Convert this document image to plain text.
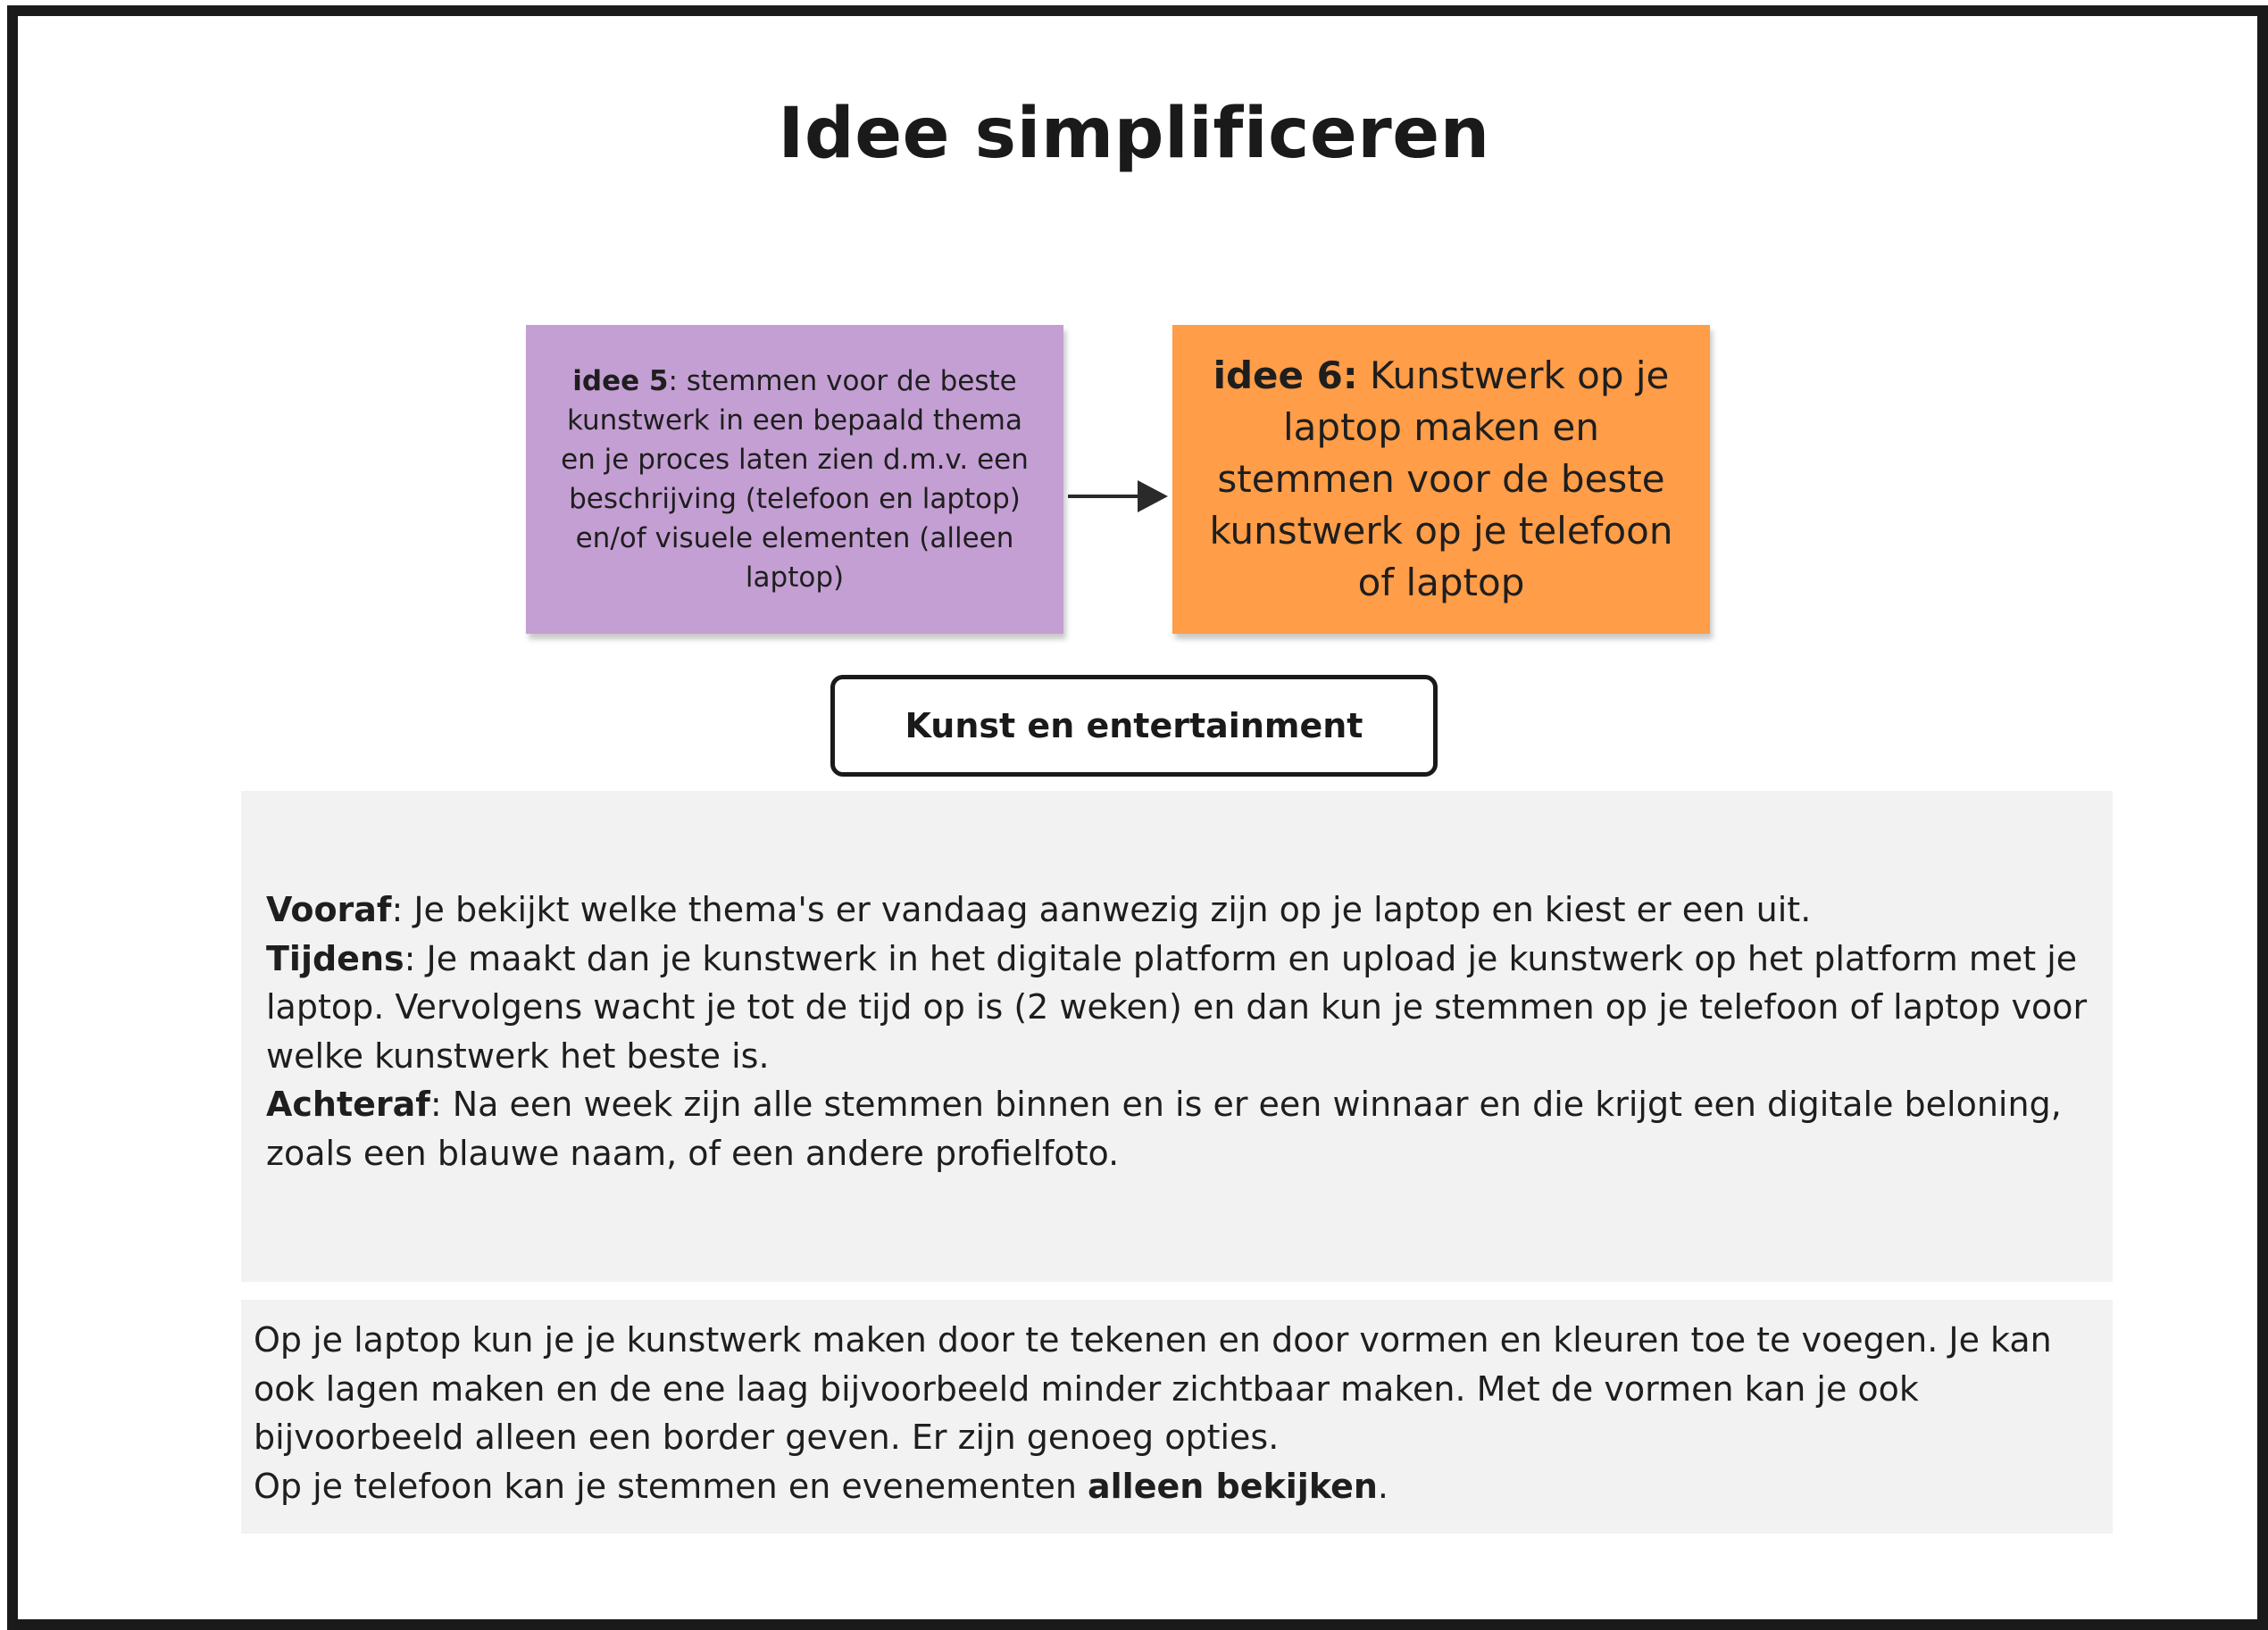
Idee simplificeren
idee 5: stemmen voor de beste kunstwerk in een bepaald thema en je proces laten zien d.m.v. een beschrijving (telefoon en laptop) en/of visuele elementen (alleen laptop)
idee 6: Kunstwerk op je laptop maken en stemmen voor de beste kunstwerk op je telefoon of laptop
Kunst en entertainment
Vooraf: Je bekijkt welke thema's er vandaag aanwezig zijn op je laptop en kiest er een uit.
Tijdens: Je maakt dan je kunstwerk in het digitale platform en upload je kunstwerk op het platform met je laptop. Vervolgens wacht je tot de tijd op is (2 weken) en dan kun je stemmen op je telefoon of laptop voor welke kunstwerk het beste is.
Achteraf: Na een week zijn alle stemmen binnen en is er een winnaar en die krijgt een digitale beloning, zoals een blauwe naam, of een andere profielfoto.
Op je laptop kun je je kunstwerk maken door te tekenen en door vormen en kleuren toe te voegen. Je kan ook lagen maken en de ene laag bijvoorbeeld minder zichtbaar maken. Met de vormen kan je ook bijvoorbeeld alleen een border geven. Er zijn genoeg opties.
Op je telefoon kan je stemmen en evenementen alleen bekijken.
